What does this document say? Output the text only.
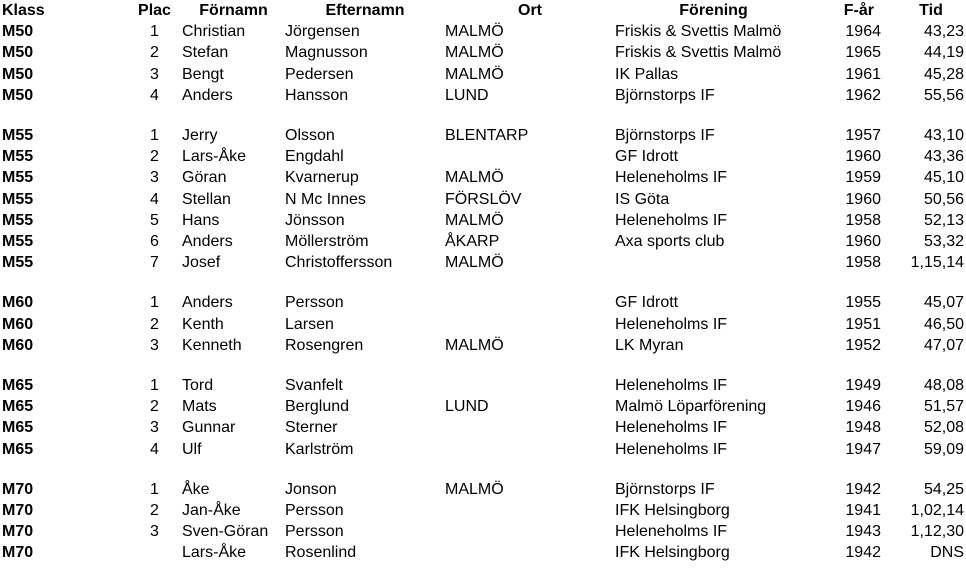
Klass	Plac	Förnamn	Efternamn	Ort	Förening	F-år	Tid
M50	1	Christian	Jörgensen	MALMÖ	Friskis & Svettis Malmö	1964	43,23
M50	2	Stefan	Magnusson	MALMÖ	Friskis & Svettis Malmö	1965	44,19
M50	3	Bengt	Pedersen	MALMÖ	IK Pallas	1961	45,28
M50	4	Anders	Hansson	LUND	Björnstorps IF	1962	55,56

M55	1	Jerry	Olsson	BLENTARP	Björnstorps IF	1957	43,10
M55	2	Lars-Åke	Engdahl		GF Idrott	1960	43,36
M55	3	Göran	Kvarnerup	MALMÖ	Heleneholms IF	1959	45,10
M55	4	Stellan	N Mc Innes	FÖRSLÖV	IS Göta	1960	50,56
M55	5	Hans	Jönsson	MALMÖ	Heleneholms IF	1958	52,13
M55	6	Anders	Möllerström	ÅKARP	Axa sports club	1960	53,32
M55	7	Josef	Christoffersson	MALMÖ		1958	1,15,14

M60	1	Anders	Persson		GF Idrott	1955	45,07
M60	2	Kenth	Larsen		Heleneholms IF	1951	46,50
M60	3	Kenneth	Rosengren	MALMÖ	LK Myran	1952	47,07

M65	1	Tord	Svanfelt		Heleneholms IF	1949	48,08
M65	2	Mats	Berglund	LUND	Malmö Löparförening	1946	51,57
M65	3	Gunnar	Sterner		Heleneholms IF	1948	52,08
M65	4	Ulf	Karlström		Heleneholms IF	1947	59,09

M70	1	Åke	Jonson	MALMÖ	Björnstorps IF	1942	54,25
M70	2	Jan-Åke	Persson		IFK Helsingborg	1941	1,02,14
M70	3	Sven-Göran	Persson		Heleneholms IF	1943	1,12,30
M70		Lars-Åke	Rosenlind		IFK Helsingborg	1942	DNS
